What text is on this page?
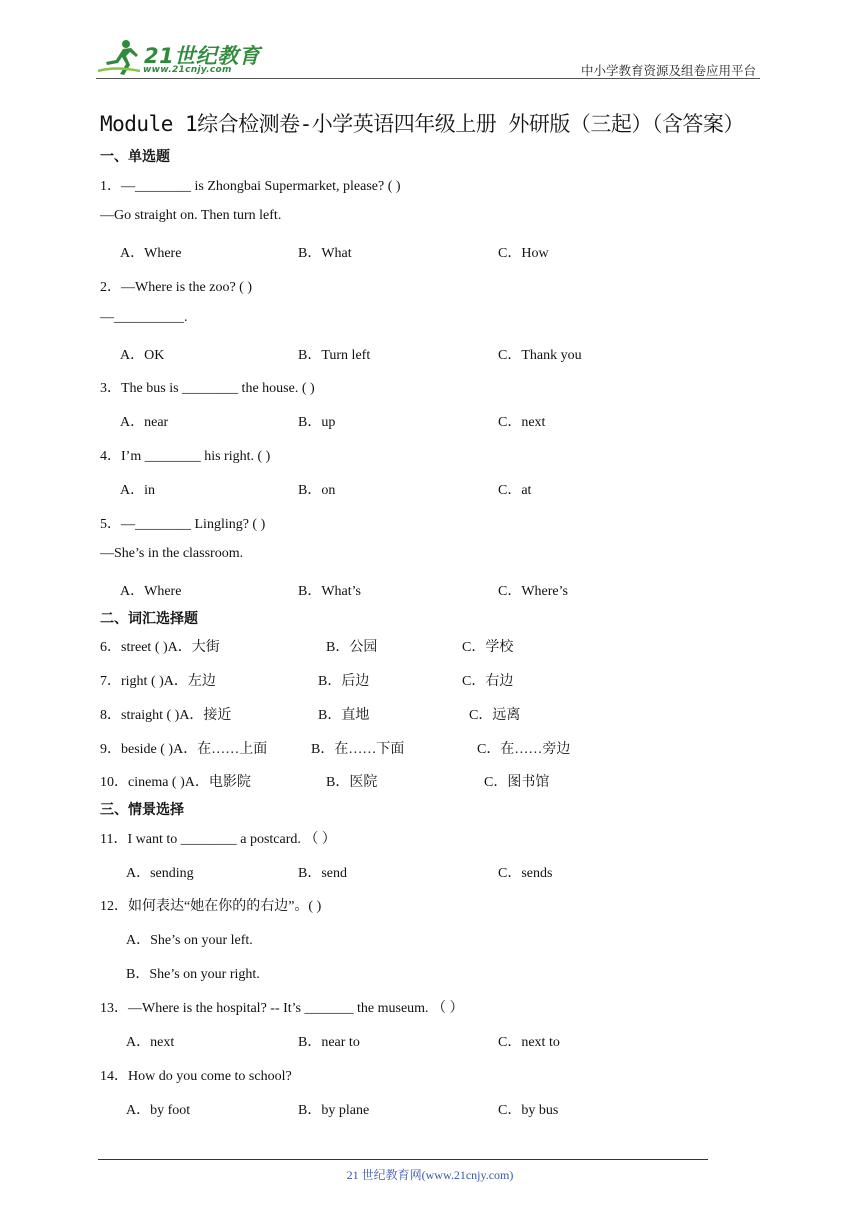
21世纪教育
www.21cnjy.com	中小学教育资源及组卷应用平台
Module 1综合检测卷-小学英语四年级上册 外研版（三起）（含答案）
一、单选题
1．—________ is Zhongbai Supermarket, please? ( )
—Go straight on. Then turn left.
A．Where	B．What	C．How
2．—Where is the zoo? ( )
—__________.
A．OK	B．Turn left	C．Thank you
3．The bus is ________ the house. ( )
A．near	B．up	C．next
4．I’m ________ his right. ( )
A．in	B．on	C．at
5．—________ Lingling? ( )
—She’s in the classroom.
A．Where	B．What’s	C．Where’s
二、词汇选择题
6．street ( )A．大街	B．公园	C．学校
7．right ( )A．左边	B．后边	C．右边
8．straight ( )A．接近	B．直地	C．远离
9．beside ( )A．在……上面	B．在……下面	C．在……旁边
10．cinema ( )A．电影院	B．医院	C．图书馆
三、情景选择
11．I want to ________ a postcard. （ ）
A．sending	B．send	C．sends
12．如何表达“她在你的的右边”。( )
A．She’s on your left.
B．She’s on your right.
13．—Where is the hospital? -- It’s _______ the museum. （ ）
A．next	B．near to	C．next to
14．How do you come to school?
A．by foot	B．by plane	C．by bus
21 世纪教育网(www.21cnjy.com)
